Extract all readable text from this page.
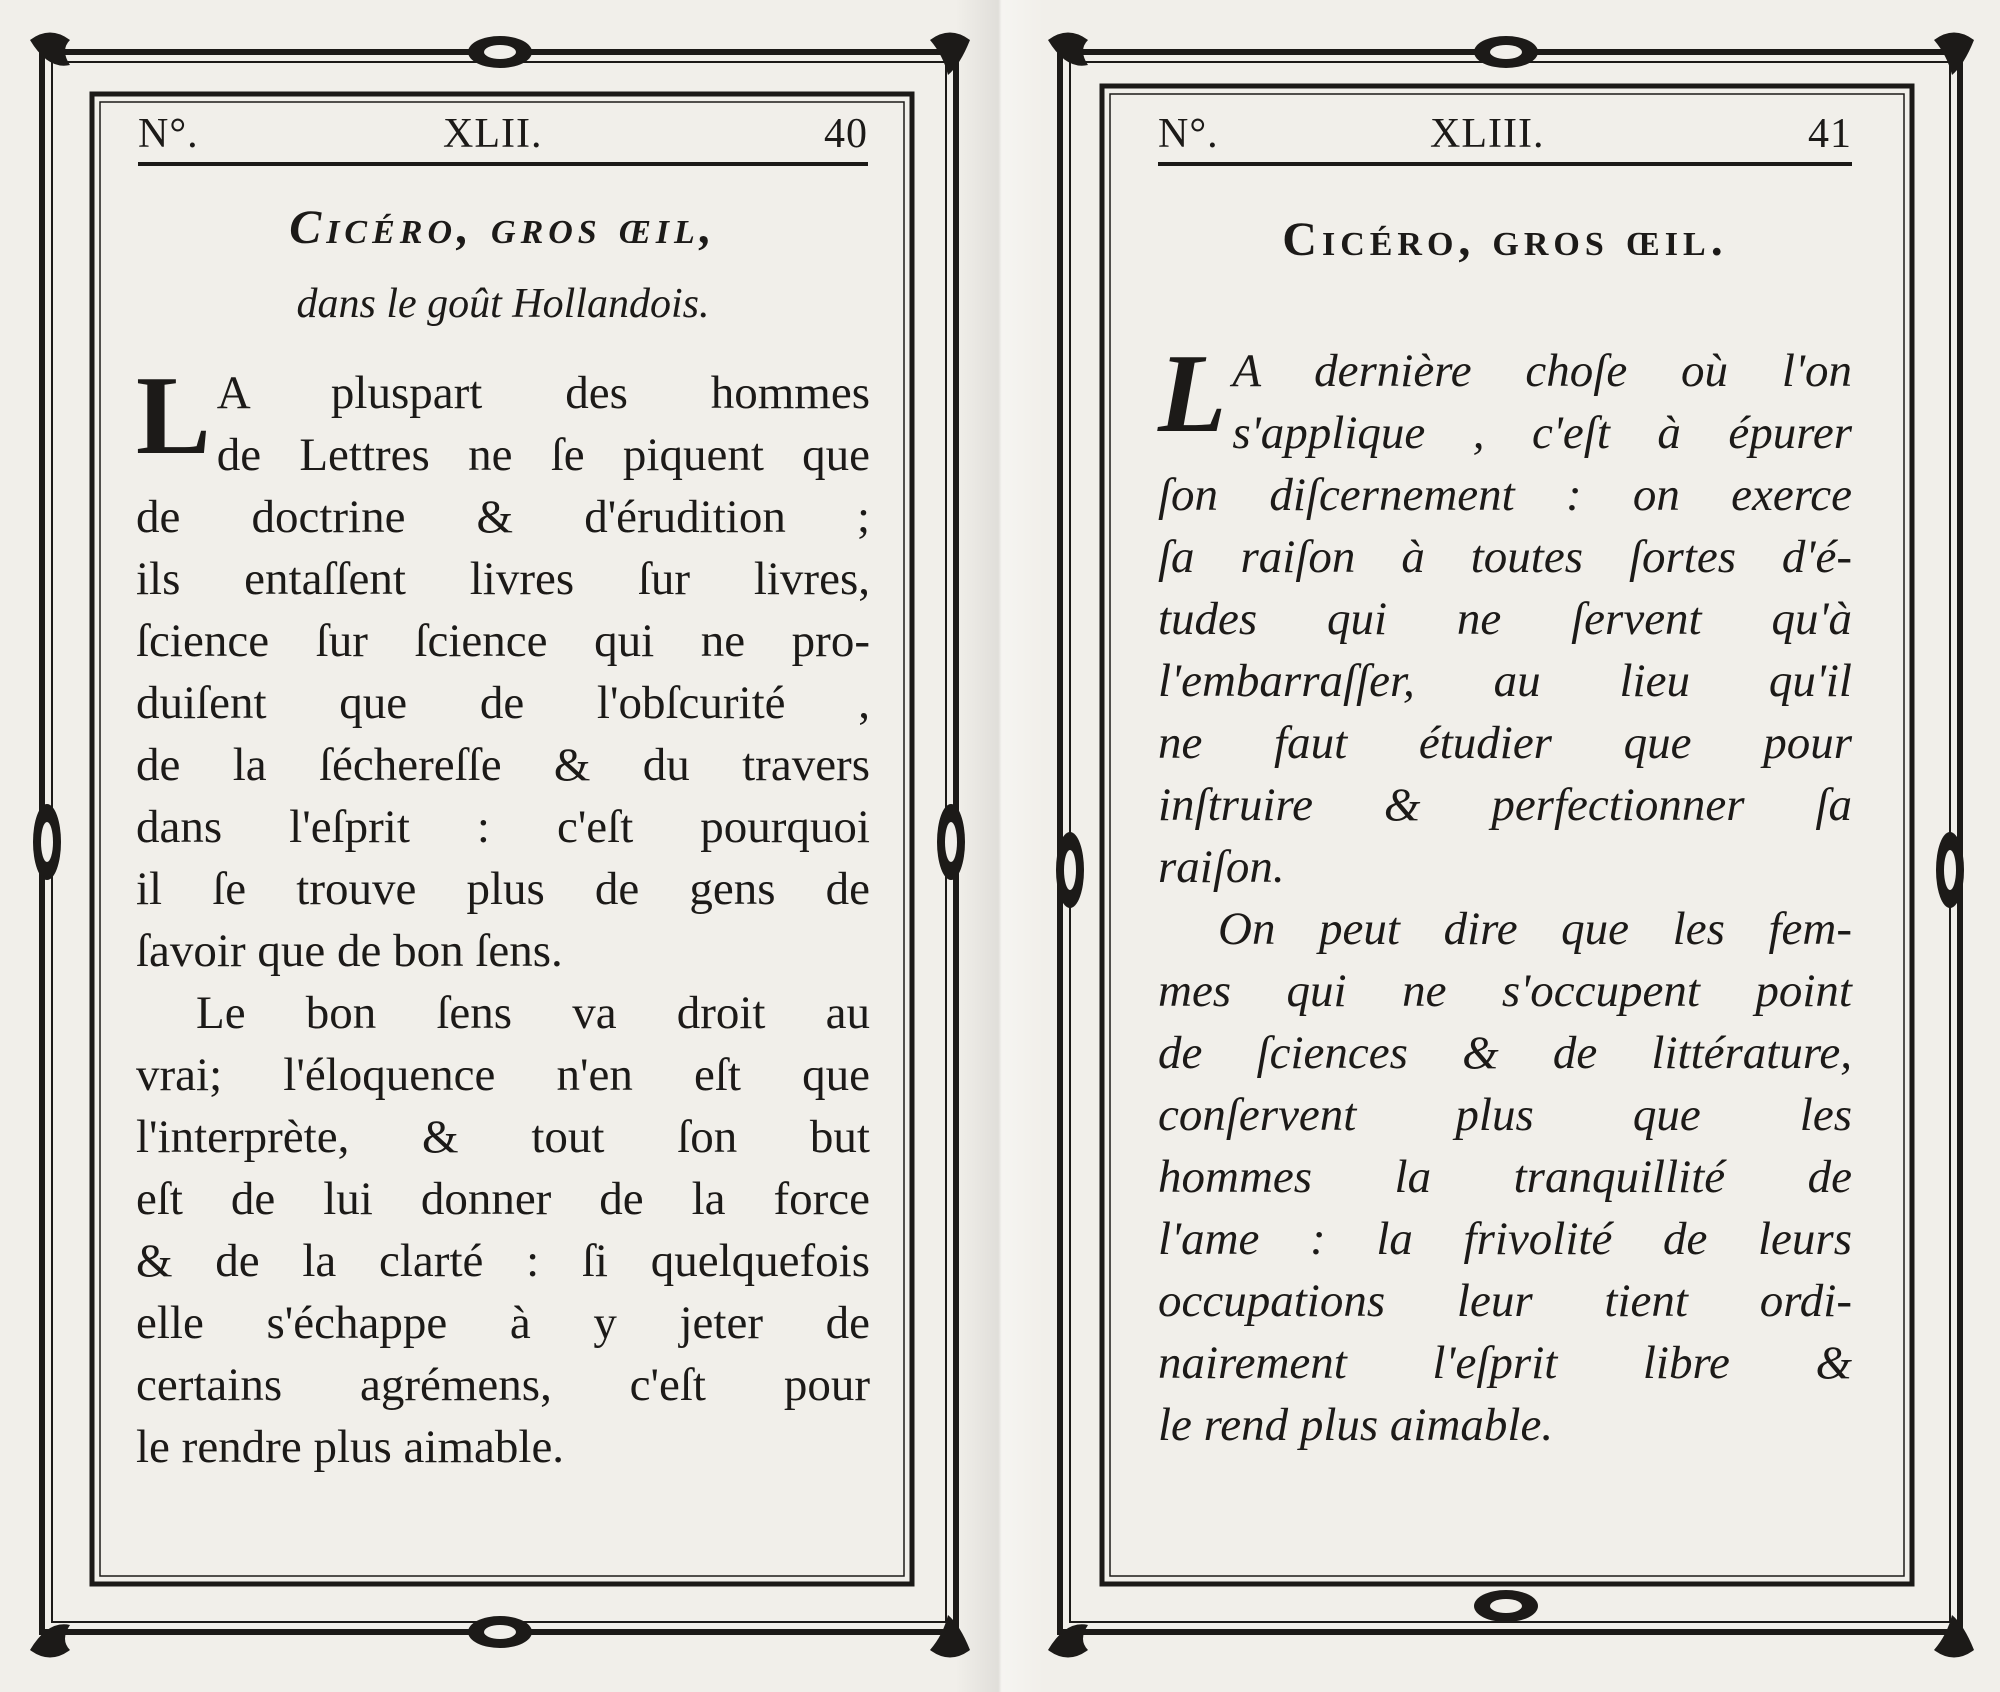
N°.	XLII.	40
Cicéro, gros œil,
dans le goût Hollandois.
L A pluspart des hommes
de Lettres ne ſe piquent que
de doctrine & d'érudition ;
ils entaſſent livres ſur livres,
ſcience ſur ſcience qui ne pro-
duiſent que de l'obſcurité ,
de la ſéchereſſe & du travers
dans l'eſprit : c'eſt pourquoi
il ſe trouve plus de gens de
ſavoir que de bon ſens.
Le bon ſens va droit au
vrai; l'éloquence n'en eſt que
l'interprète, & tout ſon but
eſt de lui donner de la force
& de la clarté : ſi quelquefois
elle s'échappe à y jeter de
certains agrémens, c'eſt pour
le rendre plus aimable.
N°.	XLIII.	41
Cicéro, gros œil.
L A dernière choſe où l'on
s'applique , c'eſt à épurer
ſon diſcernement : on exerce
ſa raiſon à toutes ſortes d'é-
tudes qui ne ſervent qu'à
l'embarraſſer, au lieu qu'il
ne faut étudier que pour
inſtruire & perfectionner ſa
raiſon.
On peut dire que les fem-
mes qui ne s'occupent point
de ſciences & de littérature,
conſervent plus que les
hommes la tranquillité de
l'ame : la frivolité de leurs
occupations leur tient ordi-
nairement l'eſprit libre &
le rend plus aimable.
